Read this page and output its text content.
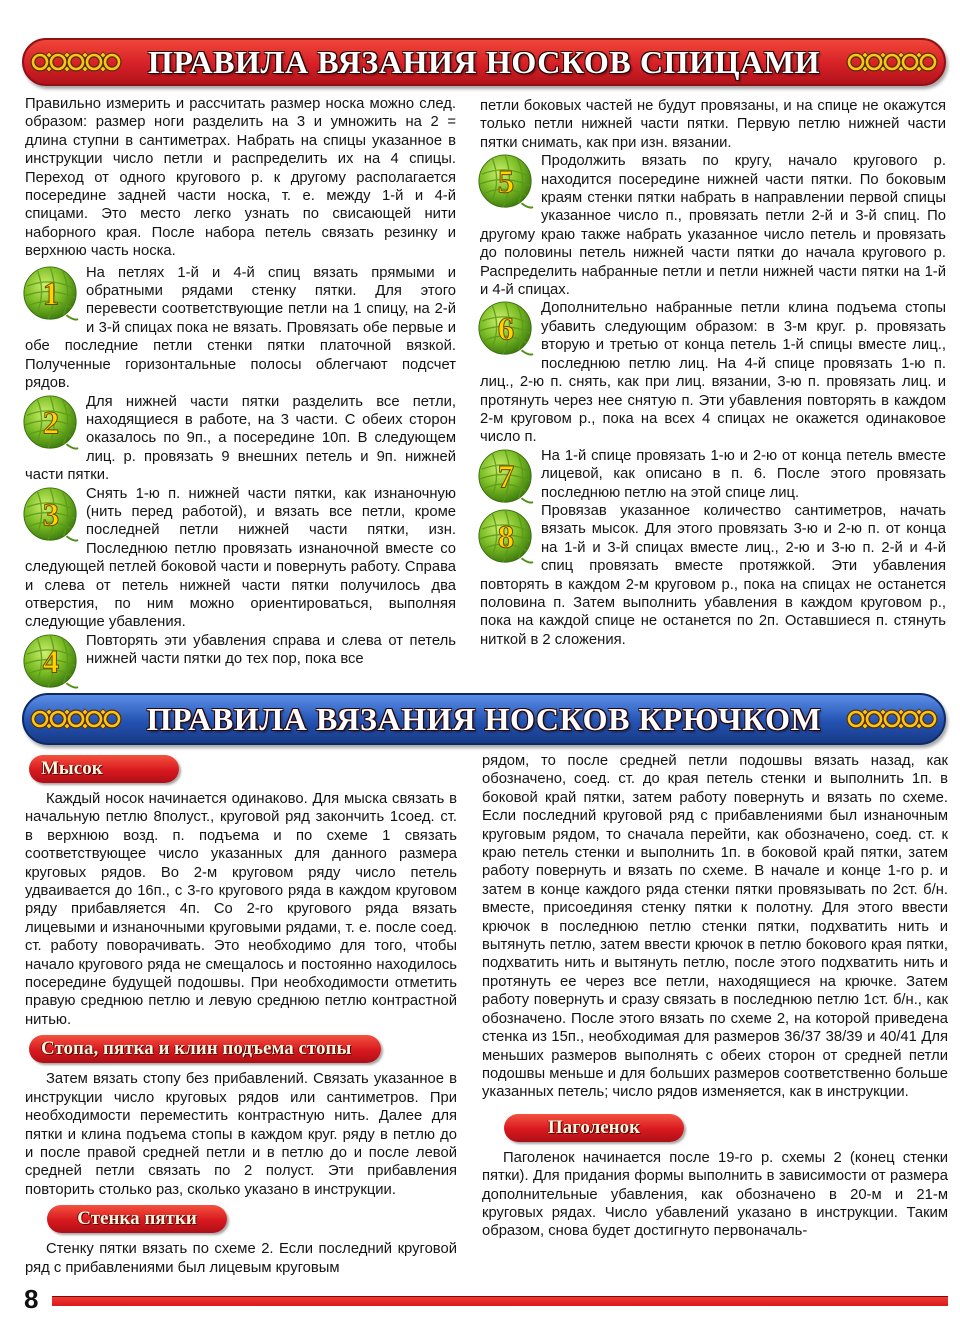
ПРАВИЛА ВЯЗАНИЯ НОСКОВ СПИЦАМИ

Правильно измерить и рассчитать размер носка можно след. образом: размер ноги разделить на 3 и умножить на 2 = длина ступни в сантиметрах. Набрать на спицы указанное в инструкции число петли и распределить их на 4 спицы. Переход от одного кругового р. к другому располагается посередине задней части носка, т. е. между 1-й и 4-й спицами. Это место легко узнать по свисающей нити наборного края. После набора петель связать резинку и верхнюю часть носка.

1

На петлях 1-й и 4-й спиц вязать прямыми и обратными рядами стенку пятки. Для этого перевести соответствующие петли на 1 спицу, на 2-й и 3-й спицах пока не вязать. Провязать обе первые и обе последние петли стенки пятки платочной вязкой. Полученные горизонтальные полосы облегчают подсчет рядов.

2

Для нижней части пятки разделить все петли, находящиеся в работе, на 3 части. С обеих сторон оказалось по 9п., а посередине 10п. В следующем лиц. р. провязать 9 внешних петель и 9п. нижней части пятки.

3

Снять 1-ю п. нижней части пятки, как изнаночную (нить перед работой), и вязать все петли, кроме последней петли нижней части пятки, изн. Последнюю петлю провязать изнаночной вместе со следующей петлей боковой части и повернуть работу. Справа и слева от петель нижней части пятки получилось два отверстия, по ним можно ориентироваться, выполняя следующие убавления.

4

Повторять эти убавления справа и слева от петель нижней части пятки до тех пор, пока все

петли боковых частей не будут провязаны, и на спице не окажутся только петли нижней части пятки. Первую петлю нижней части пятки снимать, как при изн. вязании.

5

Продолжить вязать по кругу, начало кругового р. находится посередине нижней части пятки. По боковым краям стенки пятки набрать в направлении первой спицы указанное число п., провязать петли 2-й и 3-й спиц. По другому краю также набрать указанное число петель и провязать до половины петель нижней части пятки до начала кругового р. Распределить набранные петли и петли нижней части пятки на 1-й и 4-й спицах.

6

Дополнительно набранные петли клина подъема стопы убавить следующим образом: в 3-м круг. р. провязать вторую и третью от конца петель 1-й спицы вместе лиц., последнюю петлю лиц. На 4-й спице провязать 1-ю п. лиц., 2-ю п. снять, как при лиц. вязании, 3-ю п. провязать лиц. и протянуть через нее снятую п. Эти убавления повторять в каждом 2-м круговом р., пока на всех 4 спицах не окажется одинаковое число п.

7

На 1-й спице провязать 1-ю и 2-ю от конца петель вместе лицевой, как описано в п. 6. После этого провязать последнюю петлю на этой спице лиц.

8

Провязав указанное количество сантиметров, начать вязать мысок. Для этого провязать 3-ю и 2-ю п. от конца на 1-й и 3-й спицах вместе лиц., 2-ю и 3-ю п. 2-й и 4-й спиц провязать вместе протяжкой. Эти убавления повторять в каждом 2-м круговом р., пока на спицах не останется половина п. Затем выполнить убавления в каждом круговом р., пока на каждой спице не останется по 2п. Оставшиеся п. стянуть ниткой в 2 сложения.

ПРАВИЛА ВЯЗАНИЯ НОСКОВ КРЮЧКОМ
Мысок

Каждый носок начинается одинаково. Для мыска связать в начальную петлю 8полуст., круговой ряд закончить 1соед. ст. в верхнюю возд. п. подъема и по схеме 1 связать соответствующее число указанных для данного размера круговых рядов. Во 2-м круговом ряду число петель удваивается до 16п., с 3-го кругового ряда в каждом круговом ряду прибавляется 4п. Со 2-го кругового ряда вязать лицевыми и изнаночными круговыми рядами, т. е. после соед. ст. работу поворачивать. Это необходимо для того, чтобы начало кругового ряда не смещалось и постоянно находилось посередине будущей подошвы. При необходимости отметить правую среднюю петлю и левую среднюю петлю контрастной нитью.

Стопа, пятка и клин подъема стопы

Затем вязать стопу без прибавлений. Связать указанное в инструкции число круговых рядов или сантиметров. При необходимости переместить контрастную нить. Далее для пятки и клина подъема стопы в каждом круг. ряду в петлю до и после правой средней петли и в петлю до и после левой средней петли связать по 2 полуст. Эти прибавления повторить столько раз, сколько указано в инструкции.

Стенка пятки

Стенку пятки вязать по схеме 2. Если последний круговой ряд с прибавлениями был лицевым круговым

рядом, то после средней петли подошвы вязать назад, как обозначено, соед. ст. до края петель стенки и выполнить 1п. в боковой край пятки, затем работу повернуть и вязать по схеме. Если последний круговой ряд с прибавлениями был изнаночным круговым рядом, то сначала перейти, как обозначено, соед. ст. к краю петель стенки и выполнить 1п. в боковой край пятки, затем работу повернуть и вязать по схеме. В начале и конце 1-го р. и затем в конце каждого ряда стенки пятки провязывать по 2ст. б/н. вместе, присоединяя стенку пятки к полотну. Для этого ввести крючок в последнюю петлю стенки пятки, подхватить нить и вытянуть петлю, затем ввести крючок в петлю бокового края пятки, подхватить нить и вытянуть петлю, после этого подхватить нить и протянуть ее через все петли, находящиеся на крючке. Затем работу повернуть и сразу связать в последнюю петлю 1ст. б/н., как обозначено. После этого вязать по схеме 2, на которой приведена стенка из 15п., необходимая для размеров 36/37 38/39 и 40/41 Для меньших размеров выполнять с обеих сторон от средней петли подошвы меньше и для больших размеров соответственно больше указанных петель; число рядов изменяется, как в инструкции.

Паголенок

Паголенок начинается после 19-го р. схемы 2 (конец стенки пятки). Для придания формы выполнить в зависимости от размера дополнительные убавления, как обозначено в 20-м и 21-м круговых рядах. Число убавлений указано в инструкции. Таким образом, снова будет достигнуто первоначаль-

8
